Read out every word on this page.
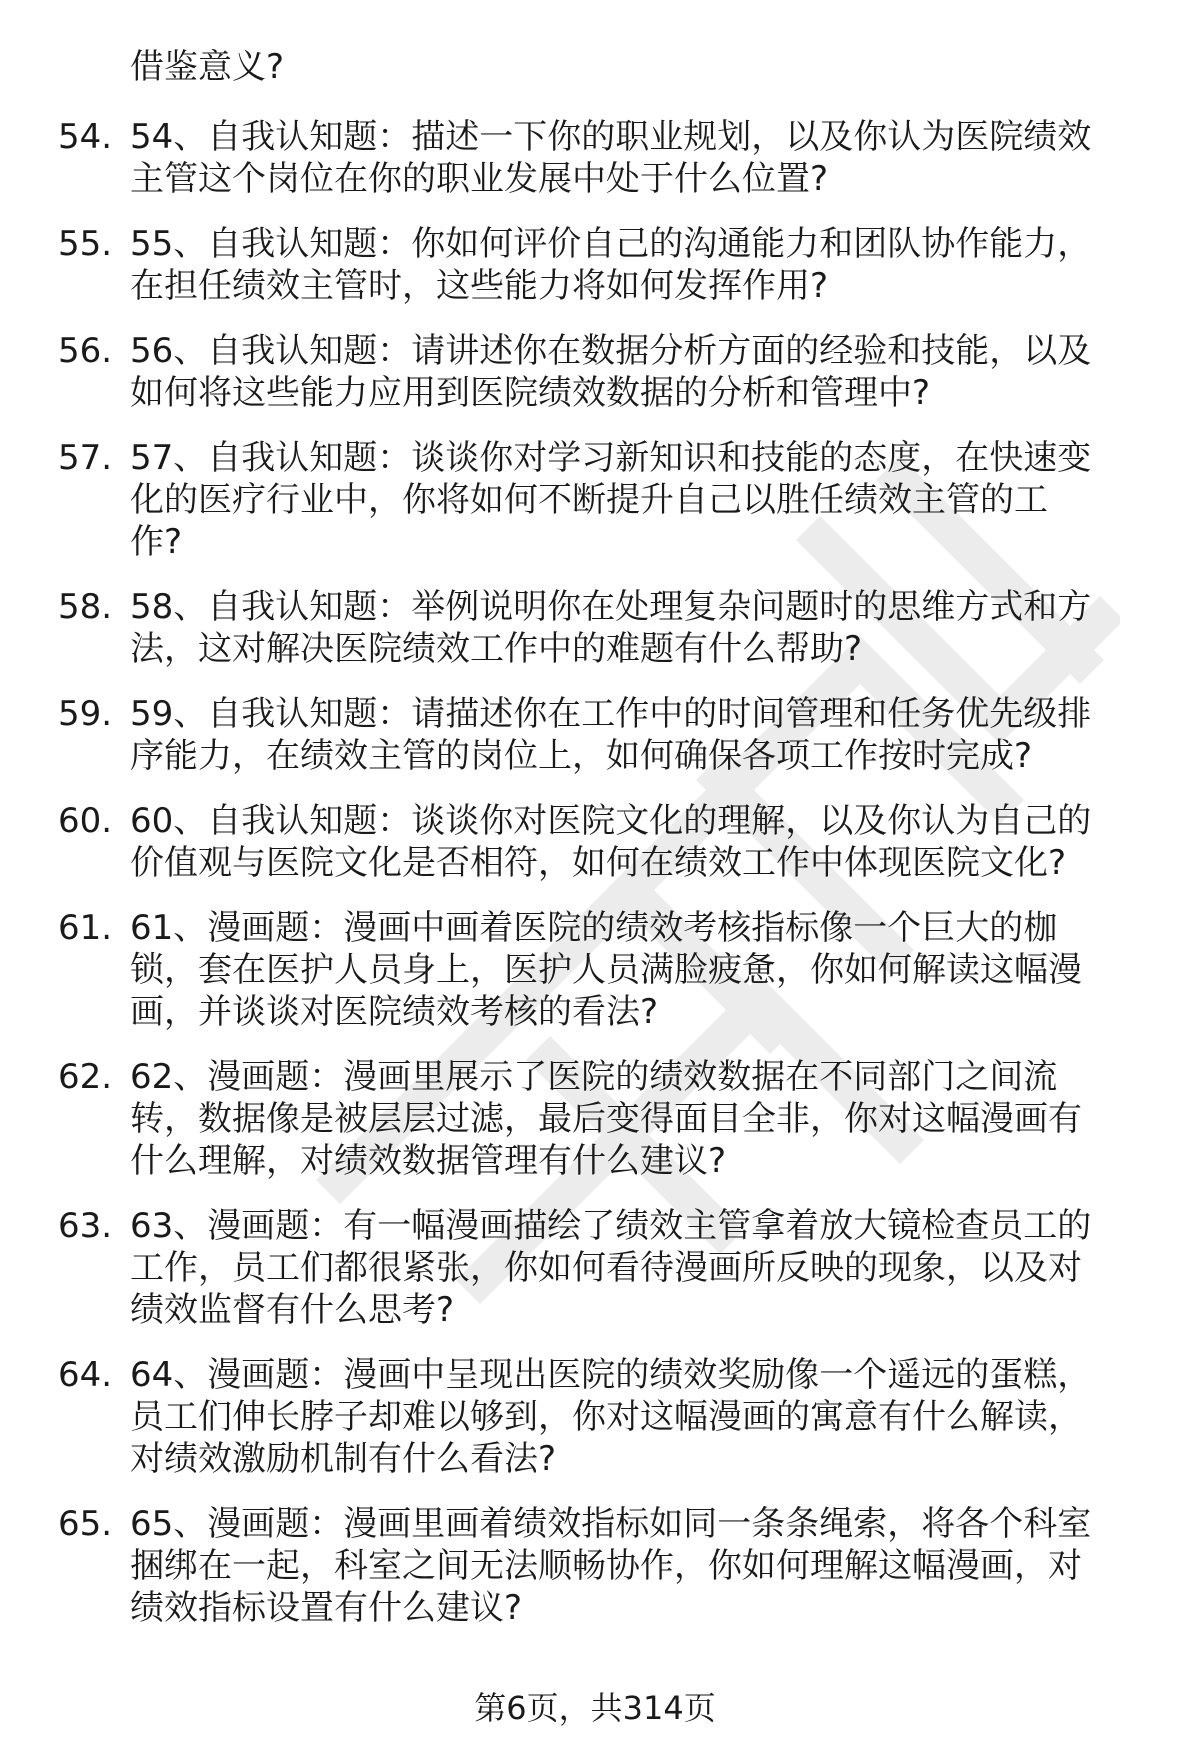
借鉴意义?
54. 54、自我认知题：描述一下你的职业规划，以及你认为医院绩效
主管这个岗位在你的职业发展中处于什么位置?
55. 55、自我认知题：你如何评价自己的沟通能力和团队协作能力，
在担任绩效主管时，这些能力将如何发挥作用?
56. 56、自我认知题：请讲述你在数据分析方面的经验和技能，以及
如何将这些能力应用到医院绩效数据的分析和管理中?
57. 57、自我认知题：谈谈你对学习新知识和技能的态度，在快速变
化的医疗行业中，你将如何不断提升自己以胜任绩效主管的工
作?
58. 58、自我认知题：举例说明你在处理复杂问题时的思维方式和方
法，这对解决医院绩效工作中的难题有什么帮助?
59. 59、自我认知题：请描述你在工作中的时间管理和任务优先级排
序能力，在绩效主管的岗位上，如何确保各项工作按时完成?
60. 60、自我认知题：谈谈你对医院文化的理解，以及你认为自己的
价值观与医院文化是否相符，如何在绩效工作中体现医院文化?
61. 61、漫画题：漫画中画着医院的绩效考核指标像一个巨大的枷
锁，套在医护人员身上，医护人员满脸疲惫，你如何解读这幅漫
画，并谈谈对医院绩效考核的看法?
62. 62、漫画题：漫画里展示了医院的绩效数据在不同部门之间流
转，数据像是被层层过滤，最后变得面目全非，你对这幅漫画有
什么理解，对绩效数据管理有什么建议?
63. 63、漫画题：有一幅漫画描绘了绩效主管拿着放大镜检查员工的
工作，员工们都很紧张，你如何看待漫画所反映的现象，以及对
绩效监督有什么思考?
64. 64、漫画题：漫画中呈现出医院的绩效奖励像一个遥远的蛋糕，
员工们伸长脖子却难以够到，你对这幅漫画的寓意有什么解读，
对绩效激励机制有什么看法?
65. 65、漫画题：漫画里画着绩效指标如同一条条绳索，将各个科室
捆绑在一起，科室之间无法顺畅协作，你如何理解这幅漫画，对
绩效指标设置有什么建议?
第6页，共314页
